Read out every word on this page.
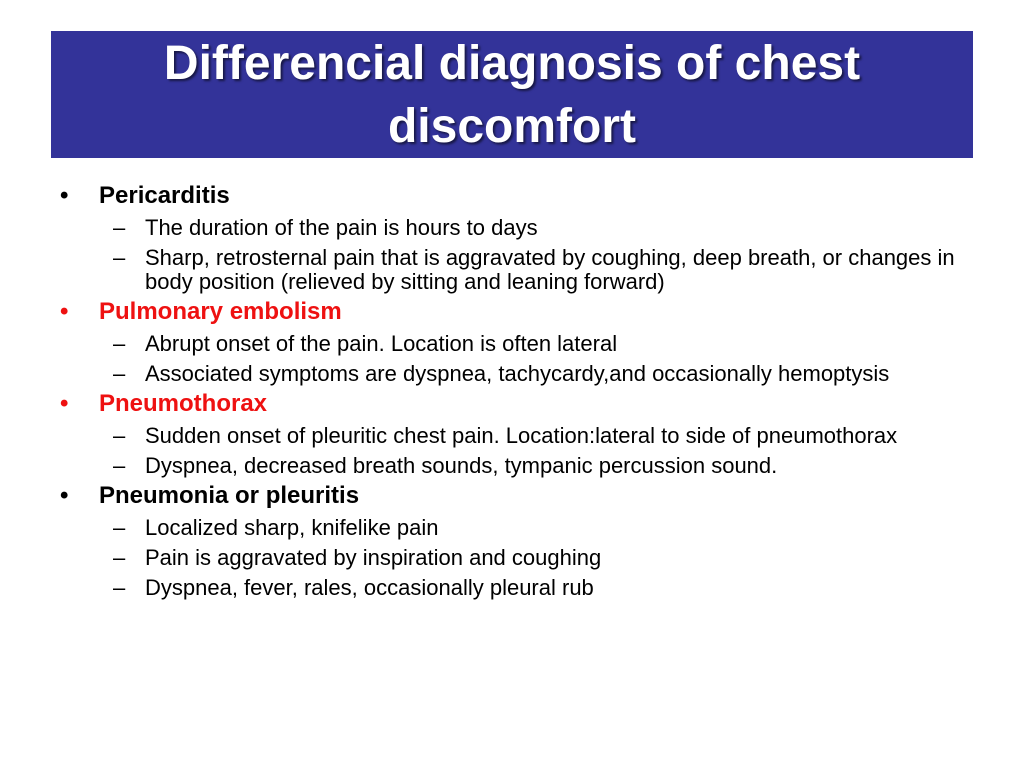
Differencial diagnosis of chest discomfort
•	Pericarditis
– The duration of the pain is hours to days
– Sharp, retrosternal pain that is aggravated by coughing, deep breath, or changes in body position (relieved by sitting and leaning forward)
•	Pulmonary embolism
– Abrupt onset of the pain. Location is often lateral
– Associated symptoms are dyspnea, tachycardy,and occasionally hemoptysis
•	Pneumothorax
– Sudden onset of pleuritic chest pain. Location:lateral to side of pneumothorax
– Dyspnea, decreased breath sounds, tympanic percussion sound.
•	Pneumonia or pleuritis
– Localized sharp, knifelike pain
– Pain is aggravated by inspiration and coughing
– Dyspnea, fever, rales, occasionally pleural rub
